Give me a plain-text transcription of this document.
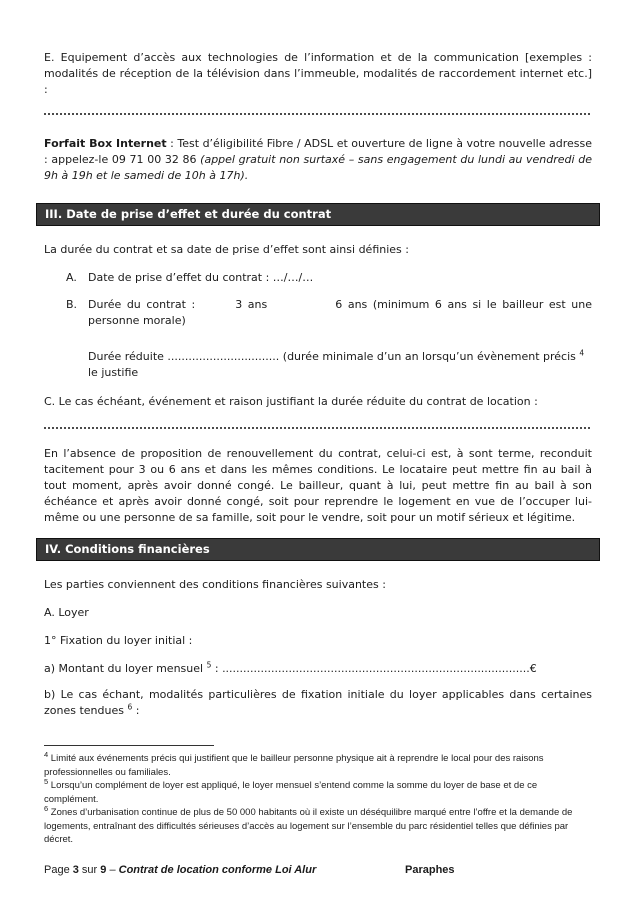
E. Equipement d’accès aux technologies de l’information et de la communication [exemples : modalités de réception de la télévision dans l’immeuble, modalités de raccordement internet etc.] :

Forfait Box Internet : Test d’éligibilité Fibre / ADSL et ouverture de ligne à votre nouvelle adresse : appelez-le 09 71 00 32 86 (appel gratuit non surtaxé – sans engagement du lundi au vendredi de 9h à 19h et le samedi de 10h à 17h).

III. Date de prise d’effet et durée du contrat

La durée du contrat et sa date de prise d’effet sont ainsi définies :

A. Date de prise d’effet du contrat : …/…/…

B. Durée du contrat :	3 ans	6 ans (minimum 6 ans si le bailleur est une personne morale)

Durée réduite ................................ (durée minimale d’un an lorsqu’un évènement précis $^4$ le justifie

C. Le cas échéant, événement et raison justifiant la durée réduite du contrat de location :

En l’absence de proposition de renouvellement du contrat, celui-ci est, à sont terme, reconduit tacitement pour 3 ou 6 ans et dans les mêmes conditions. Le locataire peut mettre fin au bail à tout moment, après avoir donné congé. Le bailleur, quant à lui, peut mettre fin au bail à son échéance et après avoir donné congé, soit pour reprendre le logement en vue de l’occuper lui-même ou une personne de sa famille, soit pour le vendre, soit pour un motif sérieux et légitime.

IV. Conditions financières

Les parties conviennent des conditions financières suivantes :

A. Loyer

1° Fixation du loyer initial :

a) Montant du loyer mensuel $^5$ : ........................................................................................€

b) Le cas échant, modalités particulières de fixation initiale du loyer applicables dans certaines zones tendues $^6$ :

$^4$ Limité aux événements précis qui justifient que le bailleur personne physique ait à reprendre le local pour des raisons professionnelles ou familiales.

$^5$ Lorsqu’un complément de loyer est appliqué, le loyer mensuel s’entend comme la somme du loyer de base et de ce complément.

$^6$ Zones d’urbanisation continue de plus de 50 000 habitants où il existe un déséquilibre marqué entre l’offre et la demande de logements, entraînant des difficultés sérieuses d’accès au logement sur l’ensemble du parc résidentiel telles que définies par décret.

Page 3 sur 9 – Contrat de location conforme Loi Alur	Paraphes
